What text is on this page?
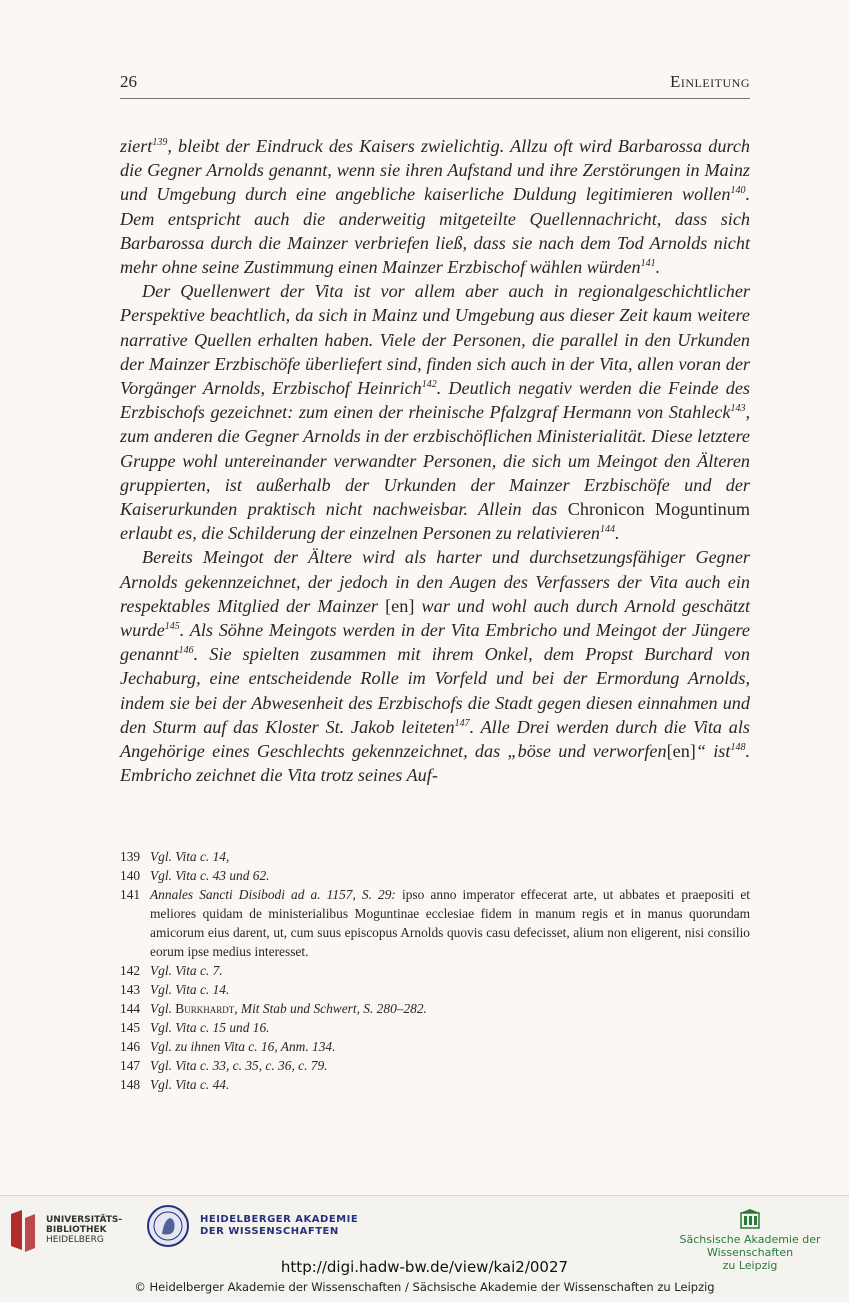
26	Einleitung

ziert$^{139}$, bleibt der Eindruck des Kaisers zwielichtig. Allzu oft wird Barbarossa durch die Gegner Arnolds genannt, wenn sie ihren Aufstand und ihre Zerstörungen in Mainz und Umgebung durch eine angebliche kaiserliche Duldung legitimieren wollen$^{140}$. Dem entspricht auch die anderweitig mitgeteilte Quellennachricht, dass sich Barbarossa durch die Mainzer verbriefen ließ, dass sie nach dem Tod Arnolds nicht mehr ohne seine Zustimmung einen Mainzer Erzbischof wählen würden$^{141}$.

Der Quellenwert der Vita ist vor allem aber auch in regionalgeschichtlicher Perspektive beachtlich, da sich in Mainz und Umgebung aus dieser Zeit kaum weitere narrative Quellen erhalten haben. Viele der Personen, die parallel in den Urkunden der Mainzer Erzbischöfe überliefert sind, finden sich auch in der Vita, allen voran der Vorgänger Arnolds, Erzbischof Heinrich$^{142}$. Deutlich negativ werden die Feinde des Erzbischofs gezeichnet: zum einen der rheinische Pfalzgraf Hermann von Stahleck$^{143}$, zum anderen die Gegner Arnolds in der erzbischöflichen Ministerialität. Diese letztere Gruppe wohl untereinander verwandter Personen, die sich um Meingot den Älteren gruppierten, ist außerhalb der Urkunden der Mainzer Erzbischöfe und der Kaiserurkunden praktisch nicht nachweisbar. Allein das Chronicon Moguntinum erlaubt es, die Schilderung der einzelnen Personen zu relativieren$^{144}$.

Bereits Meingot der Ältere wird als harter und durchsetzungsfähiger Gegner Arnolds gekennzeichnet, der jedoch in den Augen des Verfassers der Vita auch ein respektables Mitglied der Mainzer [en] war und wohl auch durch Arnold geschätzt wurde$^{145}$. Als Söhne Meingots werden in der Vita Embricho und Meingot der Jüngere genannt$^{146}$. Sie spielten zusammen mit ihrem Onkel, dem Propst Burchard von Jechaburg, eine entscheidende Rolle im Vorfeld und bei der Ermordung Arnolds, indem sie bei der Abwesenheit des Erzbischofs die Stadt gegen diesen einnahmen und den Sturm auf das Kloster St. Jakob leiteten$^{147}$. Alle Drei werden durch die Vita als Angehörige eines Geschlechts gekennzeichnet, das „böse und verworfen[en]“ ist$^{148}$. Embricho zeichnet die Vita trotz seines Auf-

139 Vgl. Vita c. 14,
140 Vgl. Vita c. 43 und 62.
141 Annales Sancti Disibodi ad a. 1157, S. 29: ipso anno imperator effecerat arte, ut abbates et praepositi et meliores quidam de ministerialibus Moguntinae ecclesiae fidem in manum regis et in manus quorundam amicorum eius darent, ut, cum suus episcopus Arnolds quovis casu defecisset, alium non eligerent, nisi consilio eorum ipse medius interesset.
142 Vgl. Vita c. 7.
143 Vgl. Vita c. 14.
144 Vgl. Burkhardt, Mit Stab und Schwert, S. 280–282.
145 Vgl. Vita c. 15 und 16.
146 Vgl. zu ihnen Vita c. 16, Anm. 134.
147 Vgl. Vita c. 33, c. 35, c. 36, c. 79.
148 Vgl. Vita c. 44.
UNIVERSITÄTS-
BIBLIOTHEK
HEIDELBERG
HEIDELBERGER AKADEMIE
DER WISSENSCHAFTEN
Sächsische Akademie der Wissenschaften
zu Leipzig
http://digi.hadw-bw.de/view/kai2/0027
© Heidelberger Akademie der Wissenschaften / Sächsische Akademie der Wissenschaften zu Leipzig
